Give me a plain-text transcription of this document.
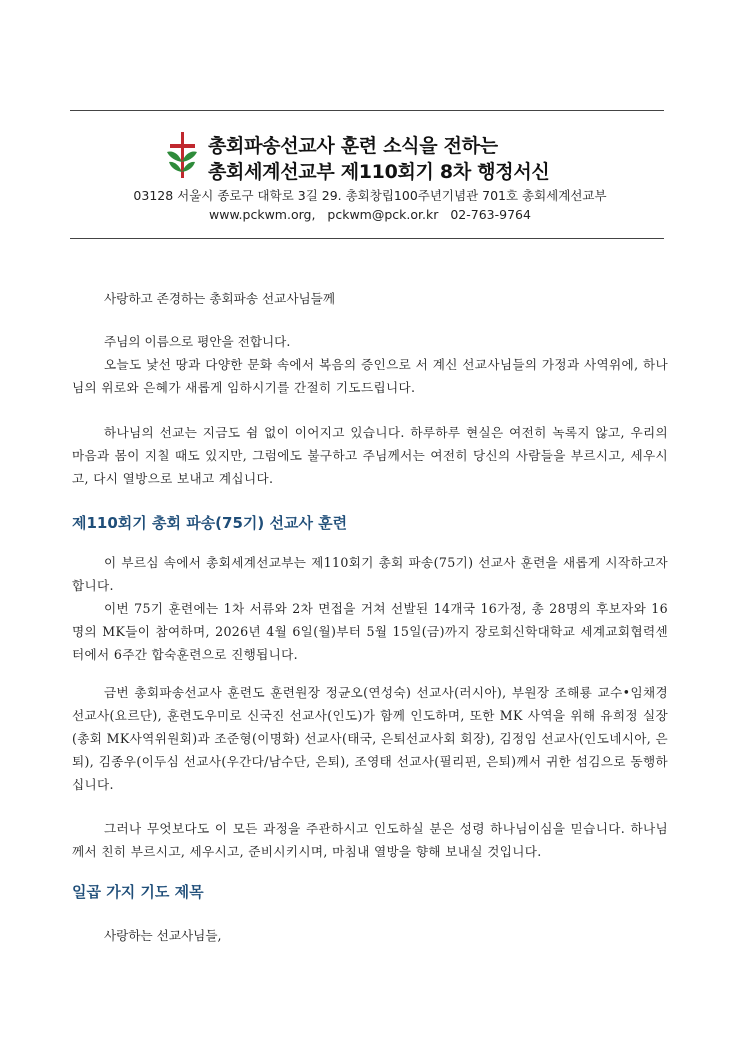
총회파송선교사 훈련 소식을 전하는
총회세계선교부 제110회기 8차 행정서신
03128 서울시 종로구 대학로 3길 29. 총회창립100주년기념관 701호 총회세계선교부
www.pckwm.org, pckwm@pck.or.kr 02-763-9764
사랑하고 존경하는 총회파송 선교사님들께
주님의 이름으로 평안을 전합니다.
오늘도 낯선 땅과 다양한 문화 속에서 복음의 증인으로 서 계신 선교사님들의 가정과 사역위에, 하나님의 위로와 은혜가 새롭게 임하시기를 간절히 기도드립니다.
하나님의 선교는 지금도 쉼 없이 이어지고 있습니다. 하루하루 현실은 여전히 녹록지 않고, 우리의 마음과 몸이 지칠 때도 있지만, 그럼에도 불구하고 주님께서는 여전히 당신의 사람들을 부르시고, 세우시고, 다시 열방으로 보내고 계십니다.
제110회기 총회 파송(75기) 선교사 훈련
이 부르심 속에서 총회세계선교부는 제110회기 총회 파송(75기) 선교사 훈련을 새롭게 시작하고자 합니다.
이번 75기 훈련에는 1차 서류와 2차 면접을 거쳐 선발된 14개국 16가정, 총 28명의 후보자와 16명의 MK들이 참여하며, 2026년 4월 6일(월)부터 5월 15일(금)까지 장로회신학대학교 세계교회협력센터에서 6주간 합숙훈련으로 진행됩니다.
금번 총회파송선교사 훈련도 훈련원장 정균오(연성숙) 선교사(러시아), 부원장 조해룡 교수•임채경 선교사(요르단), 훈련도우미로 신국진 선교사(인도)가 함께 인도하며, 또한 MK 사역을 위해 유희정 실장(총회 MK사역위원회)과 조준형(이명화) 선교사(태국, 은퇴선교사회 회장), 김정임 선교사(인도네시아, 은퇴), 김종우(이두심 선교사(우간다/남수단, 은퇴), 조영태 선교사(필리핀, 은퇴)께서 귀한 섬김으로 동행하십니다.
그러나 무엇보다도 이 모든 과정을 주관하시고 인도하실 분은 성령 하나님이심을 믿습니다. 하나님께서 친히 부르시고, 세우시고, 준비시키시며, 마침내 열방을 향해 보내실 것입니다.
일곱 가지 기도 제목
사랑하는 선교사님들,
